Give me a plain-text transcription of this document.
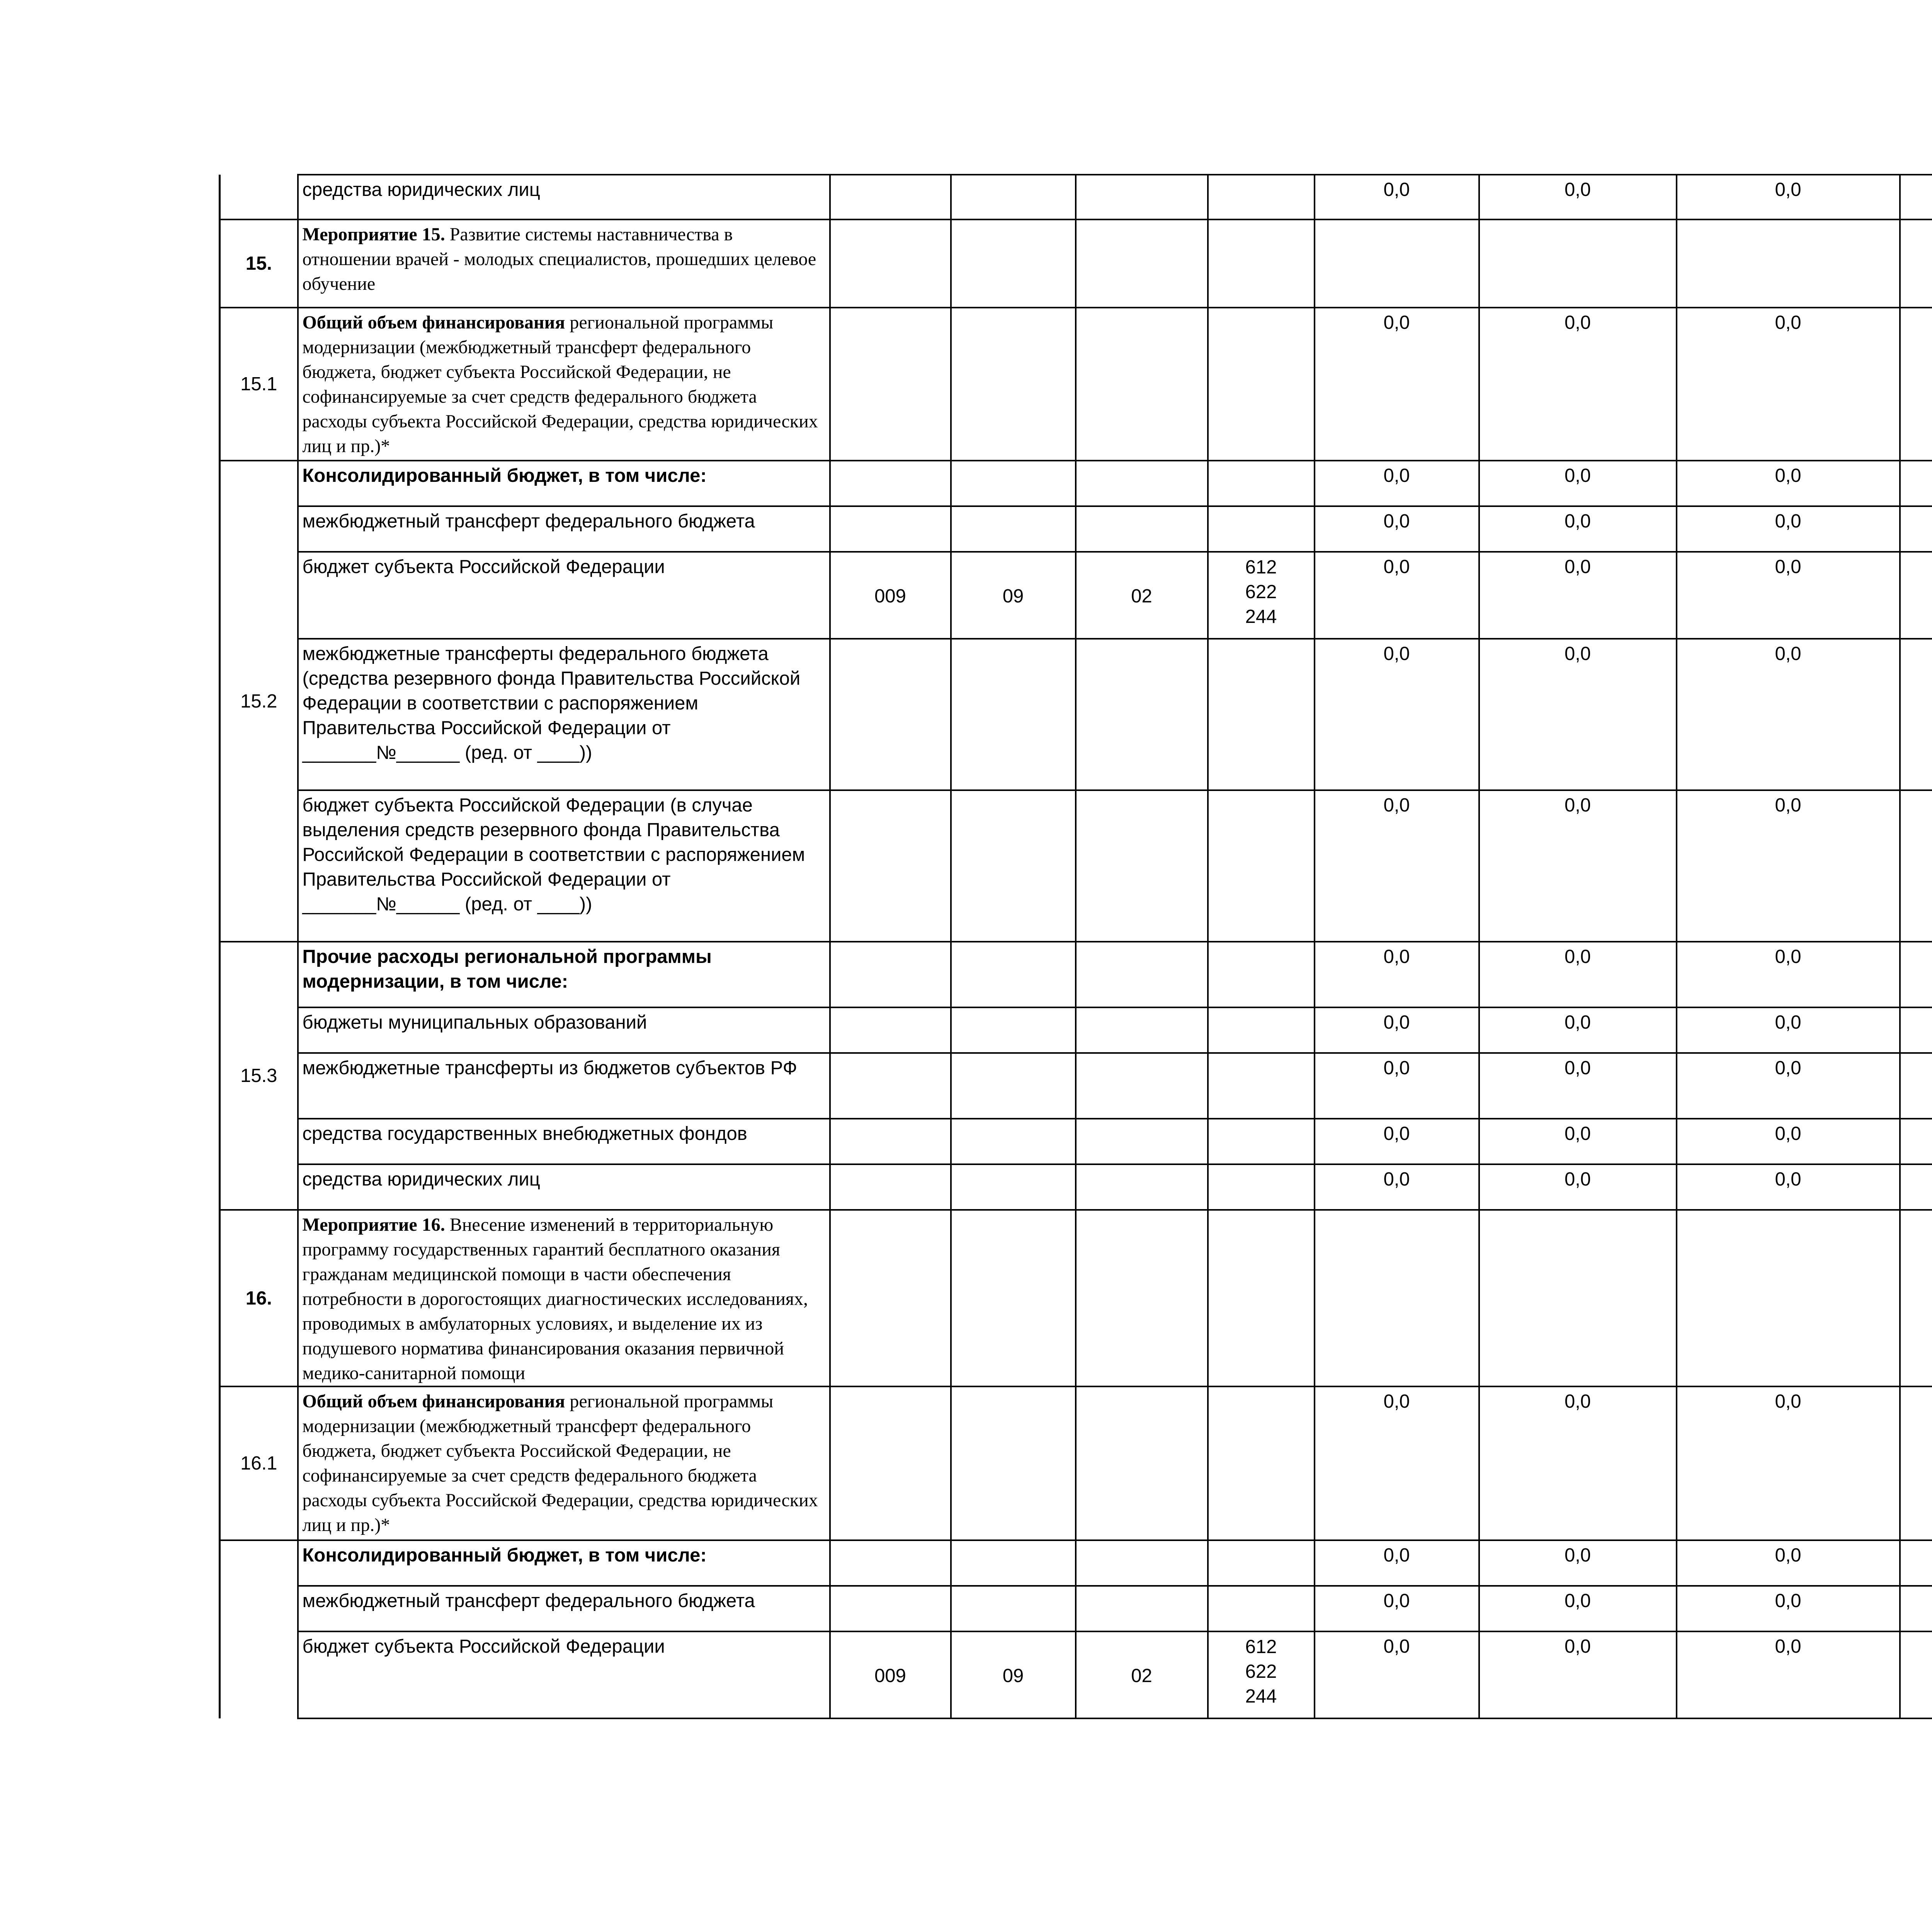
	средства юридических лиц					0,0	0,0	0,0			
15.	Мероприятие 15. Развитие системы наставничества в отношении врачей - молодых специалистов, прошедших целевое обучение										
15.1	Общий объем финансирования региональной программы модернизации (межбюджетный трансферт федерального бюджета, бюджет субъекта Российской Федерации, не софинансируемые за счет средств федерального бюджета расходы субъекта Российской Федерации, средства юридических лиц и пр.)*					0,0	0,0	0,0			
15.2	Консолидированный бюджет, в том числе:					0,0	0,0	0,0			
	межбюджетный трансферт федерального бюджета					0,0	0,0	0,0			
	бюджет субъекта Российской Федерации	009	09	02	612
622
244	0,0	0,0	0,0			
	межбюджетные трансферты федерального бюджета (средства резервного фонда Правительства Российской Федерации в соответствии с распоряжением Правительства Российской Федерации от _______№______ (ред. от ____))					0,0	0,0	0,0			
	бюджет субъекта Российской Федерации (в случае выделения средств резервного фонда Правительства Российской Федерации в соответствии с распоряжением Правительства Российской Федерации от _______№______ (ред. от ____))					0,0	0,0	0,0			
15.3	Прочие расходы региональной программы модернизации, в том числе:					0,0	0,0	0,0			
	бюджеты муниципальных образований					0,0	0,0	0,0			
	межбюджетные трансферты из бюджетов субъектов РФ					0,0	0,0	0,0			
	средства государственных внебюджетных фондов					0,0	0,0	0,0			
	средства юридических лиц					0,0	0,0	0,0			
16.	Мероприятие 16. Внесение изменений в территориальную программу государственных гарантий бесплатного оказания гражданам медицинской помощи в части обеспечения потребности в дорогостоящих диагностических исследованиях, проводимых в амбулаторных условиях, и выделение их из подушевого норматива финансирования оказания первичной медико-санитарной помощи										
16.1	Общий объем финансирования региональной программы модернизации (межбюджетный трансферт федерального бюджета, бюджет субъекта Российской Федерации, не софинансируемые за счет средств федерального бюджета расходы субъекта Российской Федерации, средства юридических лиц и пр.)*					0,0	0,0	0,0			
	Консолидированный бюджет, в том числе:					0,0	0,0	0,0			
	межбюджетный трансферт федерального бюджета					0,0	0,0	0,0			
	бюджет субъекта Российской Федерации	009	09	02	612
622
244	0,0	0,0	0,0			
